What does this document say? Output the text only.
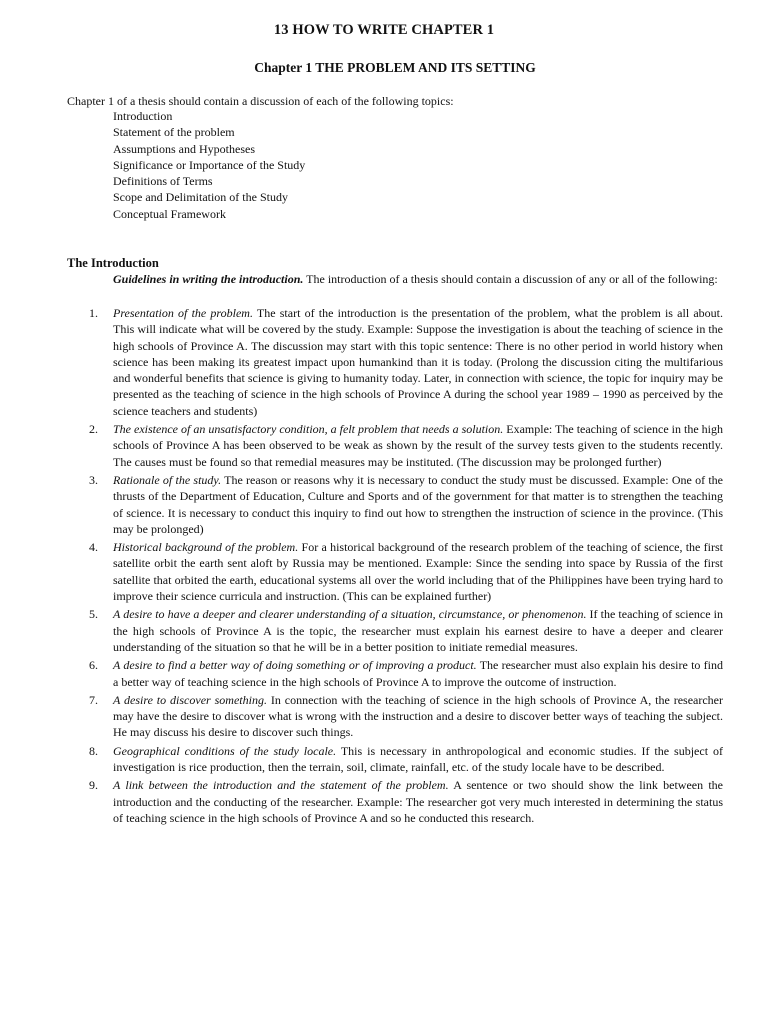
13 HOW TO WRITE CHAPTER 1
Chapter 1 THE PROBLEM AND ITS SETTING
Chapter 1 of a thesis should contain a discussion of each of the following topics:
Introduction
Statement of the problem
Assumptions and Hypotheses
Significance or Importance of the Study
Definitions of Terms
Scope and Delimitation of the Study
Conceptual Framework
The Introduction
Guidelines in writing the introduction. The introduction of a thesis should contain a discussion of any or all of the following:
1. Presentation of the problem. The start of the introduction is the presentation of the problem, what the problem is all about. This will indicate what will be covered by the study. Example: Suppose the investigation is about the teaching of science in the high schools of Province A. The discussion may start with this topic sentence: There is no other period in world history when science has been making its greatest impact upon humankind than it is today. (Prolong the discussion citing the multifarious and wonderful benefits that science is giving to humanity today. Later, in connection with science, the topic for inquiry may be presented as the teaching of science in the high schools of Province A during the school year 1989 – 1990 as perceived by the science teachers and students)
2. The existence of an unsatisfactory condition, a felt problem that needs a solution. Example: The teaching of science in the high schools of Province A has been observed to be weak as shown by the result of the survey tests given to the students recently. The causes must be found so that remedial measures may be instituted. (The discussion may be prolonged further)
3. Rationale of the study. The reason or reasons why it is necessary to conduct the study must be discussed. Example: One of the thrusts of the Department of Education, Culture and Sports and of the government for that matter is to strengthen the teaching of science. It is necessary to conduct this inquiry to find out how to strengthen the instruction of science in the province. (This may be prolonged)
4. Historical background of the problem. For a historical background of the research problem of the teaching of science, the first satellite orbit the earth sent aloft by Russia may be mentioned. Example: Since the sending into space by Russia of the first satellite that orbited the earth, educational systems all over the world including that of the Philippines have been trying hard to improve their science curricula and instruction. (This can be explained further)
5. A desire to have a deeper and clearer understanding of a situation, circumstance, or phenomenon. If the teaching of science in the high schools of Province A is the topic, the researcher must explain his earnest desire to have a deeper and clearer understanding of the situation so that he will be in a better position to initiate remedial measures.
6. A desire to find a better way of doing something or of improving a product. The researcher must also explain his desire to find a better way of teaching science in the high schools of Province A to improve the outcome of instruction.
7. A desire to discover something. In connection with the teaching of science in the high schools of Province A, the researcher may have the desire to discover what is wrong with the instruction and a desire to discover better ways of teaching the subject. He may discuss his desire to discover such things.
8. Geographical conditions of the study locale. This is necessary in anthropological and economic studies. If the subject of investigation is rice production, then the terrain, soil, climate, rainfall, etc. of the study locale have to be described.
9. A link between the introduction and the statement of the problem. A sentence or two should show the link between the introduction and the conducting of the researcher. Example: The researcher got very much interested in determining the status of teaching science in the high schools of Province A and so he conducted this research.
